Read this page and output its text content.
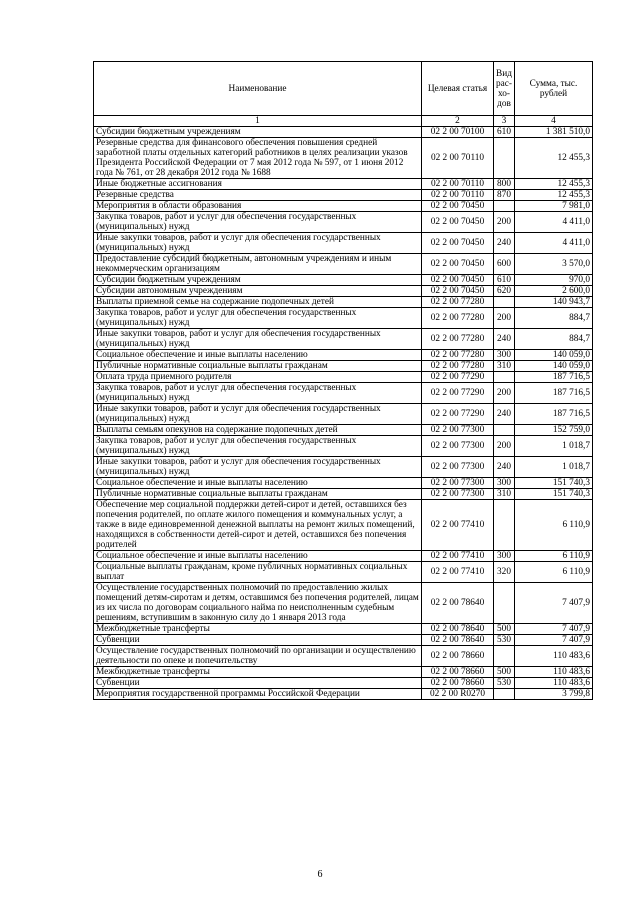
Наименование	Целевая статья	Вид рас-хо-дов	Сумма, тыс. рублей
1	2	3	4
Субсидии бюджетным учреждениям	02 2 00 70100	610	1 381 510,0
Резервные средства для финансового обеспечения повышения средней заработной платы отдельных категорий работников в целях реализации указов Президента Российской Федерации от 7 мая 2012 года № 597, от 1 июня 2012 года № 761, от 28 декабря 2012 года № 1688	02 2 00 70110		12 455,3
Иные бюджетные ассигнования	02 2 00 70110	800	12 455,3
Резервные средства	02 2 00 70110	870	12 455,3
Мероприятия в области образования	02 2 00 70450		7 981,0
Закупка товаров, работ и услуг для обеспечения государственных (муниципальных) нужд	02 2 00 70450	200	4 411,0
Иные закупки товаров, работ и услуг для обеспечения государственных (муниципальных) нужд	02 2 00 70450	240	4 411,0
Предоставление субсидий бюджетным, автономным учреждениям и иным некоммерческим организациям	02 2 00 70450	600	3 570,0
Субсидии бюджетным учреждениям	02 2 00 70450	610	970,0
Субсидии автономным учреждениям	02 2 00 70450	620	2 600,0
Выплаты приемной семье на содержание подопечных детей	02 2 00 77280		140 943,7
Закупка товаров, работ и услуг для обеспечения государственных (муниципальных) нужд	02 2 00 77280	200	884,7
Иные закупки товаров, работ и услуг для обеспечения государственных (муниципальных) нужд	02 2 00 77280	240	884,7
Социальное обеспечение и иные выплаты населению	02 2 00 77280	300	140 059,0
Публичные нормативные социальные выплаты гражданам	02 2 00 77280	310	140 059,0
Оплата труда приемного родителя	02 2 00 77290		187 716,5
Закупка товаров, работ и услуг для обеспечения государственных (муниципальных) нужд	02 2 00 77290	200	187 716,5
Иные закупки товаров, работ и услуг для обеспечения государственных (муниципальных) нужд	02 2 00 77290	240	187 716,5
Выплаты семьям опекунов на содержание подопечных детей	02 2 00 77300		152 759,0
Закупка товаров, работ и услуг для обеспечения государственных (муниципальных) нужд	02 2 00 77300	200	1 018,7
Иные закупки товаров, работ и услуг для обеспечения государственных (муниципальных) нужд	02 2 00 77300	240	1 018,7
Социальное обеспечение и иные выплаты населению	02 2 00 77300	300	151 740,3
Публичные нормативные социальные выплаты гражданам	02 2 00 77300	310	151 740,3
Обеспечение мер социальной поддержки детей-сирот и детей, оставшихся без попечения родителей, по оплате жилого помещения и коммунальных услуг, а также в виде единовременной денежной выплаты на ремонт жилых помещений, находящихся в собственности детей-сирот и детей, оставшихся без попечения родителей	02 2 00 77410		6 110,9
Социальное обеспечение и иные выплаты населению	02 2 00 77410	300	6 110,9
Социальные выплаты гражданам, кроме публичных нормативных социальных выплат	02 2 00 77410	320	6 110,9
Осуществление государственных полномочий по предоставлению жилых помещений детям-сиротам и детям, оставшимся без попечения родителей, лицам из их числа по договорам социального найма по неисполненным судебным решениям, вступившим в законную силу до 1 января 2013 года	02 2 00 78640		7 407,9
Межбюджетные трансферты	02 2 00 78640	500	7 407,9
Субвенции	02 2 00 78640	530	7 407,9
Осуществление государственных полномочий по организации и осуществлению деятельности по опеке и попечительству	02 2 00 78660		110 483,6
Межбюджетные трансферты	02 2 00 78660	500	110 483,6
Субвенции	02 2 00 78660	530	110 483,6
Мероприятия государственной программы Российской Федерации	02 2 00 R0270		3 799,8
6
